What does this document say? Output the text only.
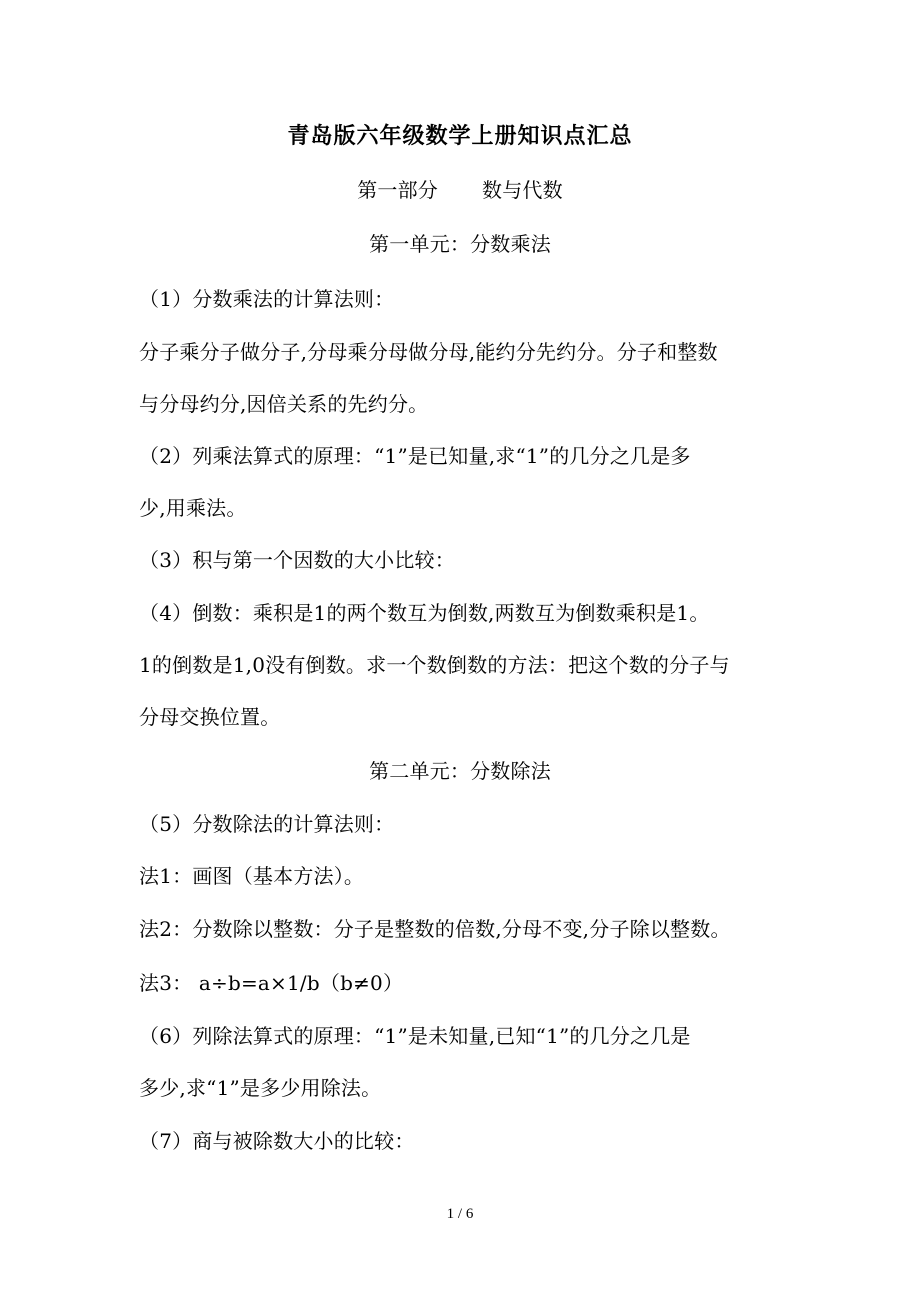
青岛版六年级数学上册知识点汇总
第一部分 数与代数
第一单元：分数乘法
（1）分数乘法的计算法则：
分子乘分子做分子,分母乘分母做分母,能约分先约分。分子和整数
与分母约分,因倍关系的先约分。
（2）列乘法算式的原理：“1”是已知量,求“1”的几分之几是多
少,用乘法。
（3）积与第一个因数的大小比较：
（4）倒数：乘积是1的两个数互为倒数,两数互为倒数乘积是1。
1的倒数是1,0没有倒数。求一个数倒数的方法：把这个数的分子与
分母交换位置。
第二单元：分数除法
（5）分数除法的计算法则：
法1：画图（基本方法）。
法2：分数除以整数：分子是整数的倍数,分母不变,分子除以整数。
法3： a÷b=a×1/b（b≠0）
（6）列除法算式的原理：“1”是未知量,已知“1”的几分之几是
多少,求“1”是多少用除法。
（7）商与被除数大小的比较：
1 / 6
